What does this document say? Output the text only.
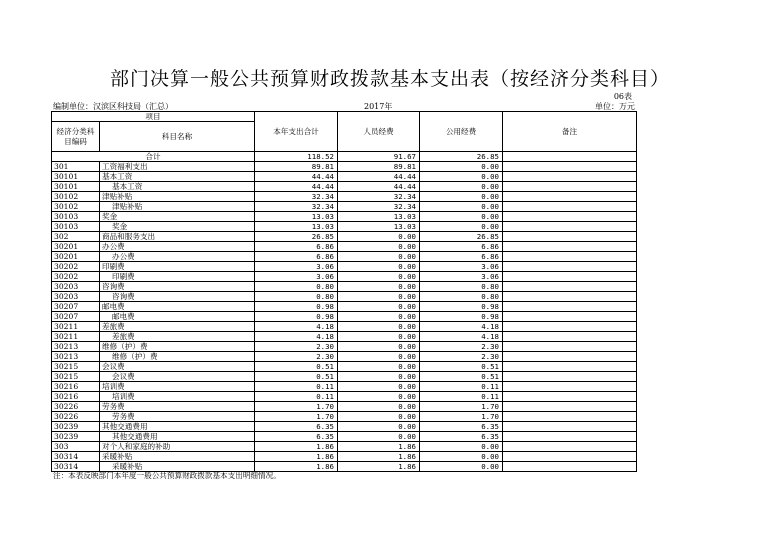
部门决算一般公共预算财政拨款基本支出表（按经济分类科目）
06表
编制单位：汉滨区科技局（汇总）	2017年	单位：万元
项目		本年支出合计	人员经费	公用经费	备注
经济分类科目编码	科目名称				
合计		118.52	91.67	26.85	
301	工资福利支出	89.81	89.81	0.00	
30101	基本工资	44.44	44.44	0.00	
30101	基本工资	44.44	44.44	0.00	
30102	津贴补贴	32.34	32.34	0.00	
30102	津贴补贴	32.34	32.34	0.00	
30103	奖金	13.03	13.03	0.00	
30103	奖金	13.03	13.03	0.00	
302	商品和服务支出	26.85	0.00	26.85	
30201	办公费	6.86	0.00	6.86	
30201	办公费	6.86	0.00	6.86	
30202	印刷费	3.06	0.00	3.06	
30202	印刷费	3.06	0.00	3.06	
30203	咨询费	0.80	0.00	0.80	
30203	咨询费	0.80	0.00	0.80	
30207	邮电费	0.98	0.00	0.98	
30207	邮电费	0.98	0.00	0.98	
30211	差旅费	4.18	0.00	4.18	
30211	差旅费	4.18	0.00	4.18	
30213	维修（护）费	2.30	0.00	2.30	
30213	维修（护）费	2.30	0.00	2.30	
30215	会议费	0.51	0.00	0.51	
30215	会议费	0.51	0.00	0.51	
30216	培训费	0.11	0.00	0.11	
30216	培训费	0.11	0.00	0.11	
30226	劳务费	1.70	0.00	1.70	
30226	劳务费	1.70	0.00	1.70	
30239	其他交通费用	6.35	0.00	6.35	
30239	其他交通费用	6.35	0.00	6.35	
303	对个人和家庭的补助	1.86	1.86	0.00	
30314	采暖补贴	1.86	1.86	0.00	
30314	采暖补贴	1.86	1.86	0.00	
注：本表反映部门本年度一般公共预算财政拨款基本支出明细情况。
